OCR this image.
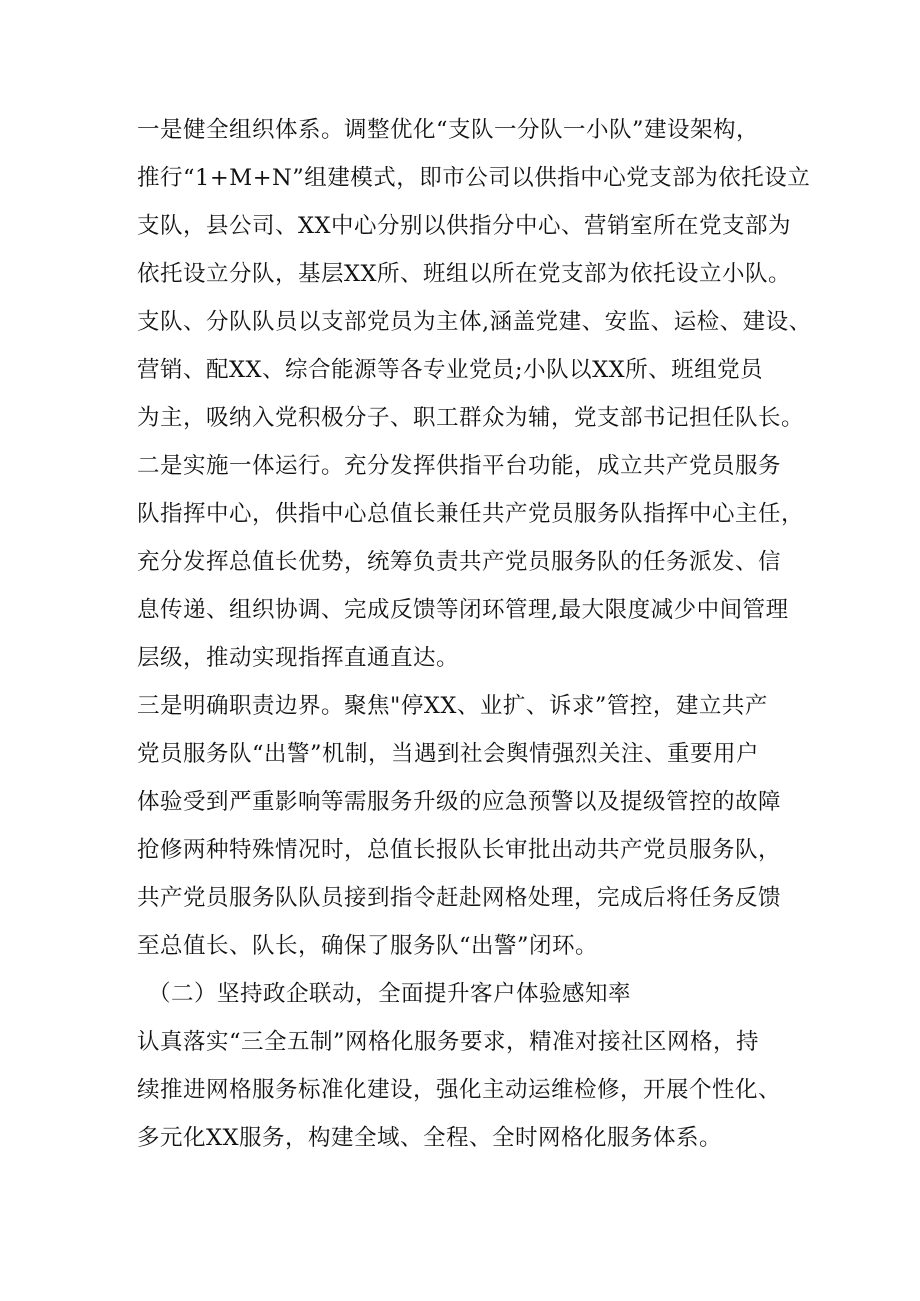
一是健全组织体系。调整优化“支队一分队一小队”建设架构，
推行“1+M+N”组建模式，即市公司以供指中心党支部为依托设立
支队，县公司、XX中心分别以供指分中心、营销室所在党支部为
依托设立分队，基层XX所、班组以所在党支部为依托设立小队。
支队、分队队员以支部党员为主体,涵盖党建、安监、运检、建设、
营销、配XX、综合能源等各专业党员;小队以XX所、班组党员
为主，吸纳入党积极分子、职工群众为辅，党支部书记担任队长。
二是实施一体运行。充分发挥供指平台功能，成立共产党员服务
队指挥中心，供指中心总值长兼任共产党员服务队指挥中心主任，
充分发挥总值长优势，统筹负责共产党员服务队的任务派发、信
息传递、组织协调、完成反馈等闭环管理,最大限度减少中间管理
层级，推动实现指挥直通直达。
三是明确职责边界。聚焦"停XX、业扩、诉求”管控，建立共产
党员服务队“出警”机制，当遇到社会舆情强烈关注、重要用户
体验受到严重影响等需服务升级的应急预警以及提级管控的故障
抢修两种特殊情况时，总值长报队长审批出动共产党员服务队，
共产党员服务队队员接到指令赶赴网格处理，完成后将任务反馈
至总值长、队长，确保了服务队“出警”闭环。
（二）坚持政企联动，全面提升客户体验感知率
认真落实“三全五制”网格化服务要求，精准对接社区网格，持
续推进网格服务标准化建设，强化主动运维检修，开展个性化、
多元化XX服务，构建全域、全程、全时网格化服务体系。
